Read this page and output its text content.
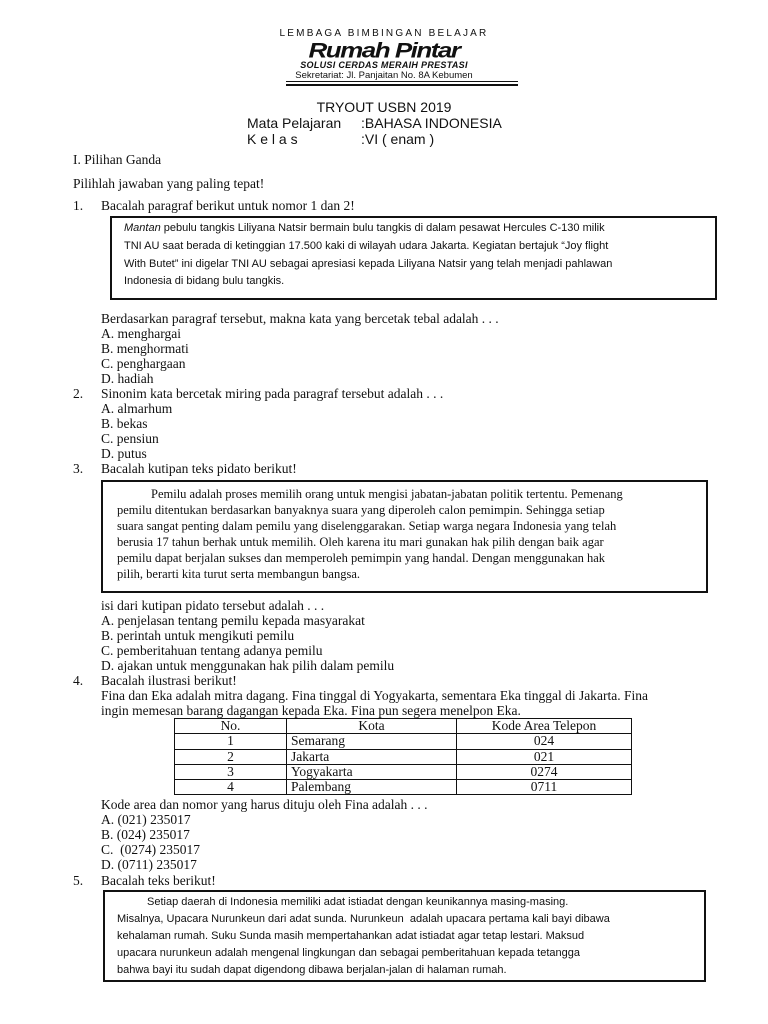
LEMBAGA BIMBINGAN BELAJAR
Rumah Pintar
SOLUSI CERDAS MERAIH PRESTASI
Sekretariat: Jl. Panjaitan No. 8A Kebumen
TRYOUT USBN 2019
Mata Pelajaran :BAHASA INDONESIA
K e l a s	:VI ( enam )
I. Pilihan Ganda
Pilihlah jawaban yang paling tepat!
1. Bacalah paragraf berikut untuk nomor 1 dan 2!
Mantan pebulu tangkis Liliyana Natsir bermain bulu tangkis di dalam pesawat Hercules C-130 milik
TNI AU saat berada di ketinggian 17.500 kaki di wilayah udara Jakarta. Kegiatan bertajuk “Joy flight
With Butet” ini digelar TNI AU sebagai apresiasi kepada Liliyana Natsir yang telah menjadi pahlawan
Indonesia di bidang bulu tangkis.
Berdasarkan paragraf tersebut, makna kata yang bercetak tebal adalah . . .
A. menghargai
B. menghormati
C. penghargaan
D. hadiah
2. Sinonim kata bercetak miring pada paragraf tersebut adalah . . .
A. almarhum
B. bekas
C. pensiun
D. putus
3. Bacalah kutipan teks pidato berikut!
Pemilu adalah proses memilih orang untuk mengisi jabatan-jabatan politik tertentu. Pemenang
pemilu ditentukan berdasarkan banyaknya suara yang diperoleh calon pemimpin. Sehingga setiap
suara sangat penting dalam pemilu yang diselenggarakan. Setiap warga negara Indonesia yang telah
berusia 17 tahun berhak untuk memilih. Oleh karena itu mari gunakan hak pilih dengan baik agar
pemilu dapat berjalan sukses dan memperoleh pemimpin yang handal. Dengan menggunakan hak
pilih, berarti kita turut serta membangun bangsa.
isi dari kutipan pidato tersebut adalah . . .
A. penjelasan tentang pemilu kepada masyarakat
B. perintah untuk mengikuti pemilu
C. pemberitahuan tentang adanya pemilu
D. ajakan untuk menggunakan hak pilih dalam pemilu
4. Bacalah ilustrasi berikut!
Fina dan Eka adalah mitra dagang. Fina tinggal di Yogyakarta, sementara Eka tinggal di Jakarta. Fina
ingin memesan barang dagangan kepada Eka. Fina pun segera menelpon Eka.
No.	Kota	Kode Area Telepon
1	Semarang	024
2	Jakarta	021
3	Yogyakarta	0274
4	Palembang	0711
Kode area dan nomor yang harus dituju oleh Fina adalah . . .
A. (021) 235017
B. (024) 235017
C.  (0274) 235017
D. (0711) 235017
5. Bacalah teks berikut!
Setiap daerah di Indonesia memiliki adat istiadat dengan keunikannya masing-masing.
Misalnya, Upacara Nurunkeun dari adat sunda. Nurunkeun  adalah upacara pertama kali bayi dibawa
kehalaman rumah. Suku Sunda masih mempertahankan adat istiadat agar tetap lestari. Maksud
upacara nurunkeun adalah mengenal lingkungan dan sebagai pemberitahuan kepada tetangga
bahwa bayi itu sudah dapat digendong dibawa berjalan-jalan di halaman rumah.
